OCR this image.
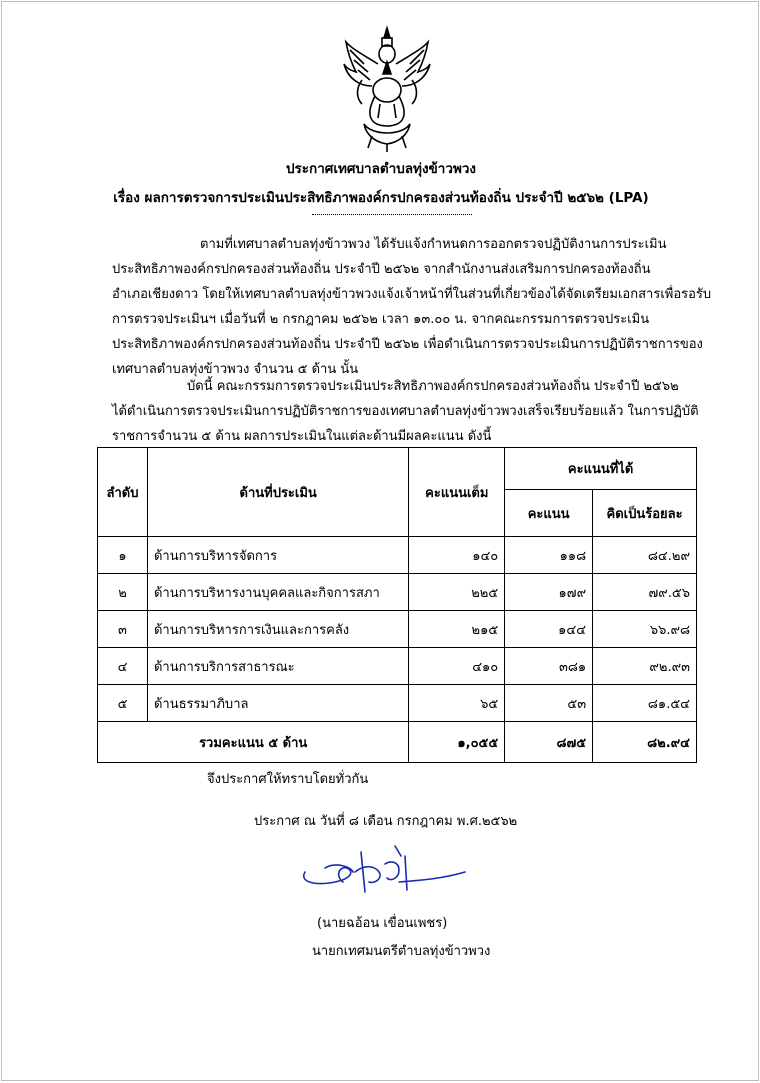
ประกาศเทศบาลตำบลทุ่งข้าวพวง
เรื่อง ผลการตรวจการประเมินประสิทธิภาพองค์กรปกครองส่วนท้องถิ่น ประจำปี ๒๕๖๒ (LPA)
ตามที่เทศบาลตำบลทุ่งข้าวพวง ได้รับแจ้งกำหนดการออกตรวจปฏิบัติงานการประเมิน
ประสิทธิภาพองค์กรปกครองส่วนท้องถิ่น ประจำปี ๒๕๖๒ จากสำนักงานส่งเสริมการปกครองท้องถิ่น
อำเภอเชียงดาว โดยให้เทศบาลตำบลทุ่งข้าวพวงแจ้งเจ้าหน้าที่ในส่วนที่เกี่ยวข้องได้จัดเตรียมเอกสารเพื่อรอรับ
การตรวจประเมินฯ เมื่อวันที่ ๒ กรกฎาคม ๒๕๖๒ เวลา ๑๓.๐๐ น. จากคณะกรรมการตรวจประเมิน
ประสิทธิภาพองค์กรปกครองส่วนท้องถิ่น ประจำปี ๒๕๖๒ เพื่อดำเนินการตรวจประเมินการปฏิบัติราชการของ
เทศบาลตำบลทุ่งข้าวพวง จำนวน ๕ ด้าน นั้น
บัดนี้ คณะกรรมการตรวจประเมินประสิทธิภาพองค์กรปกครองส่วนท้องถิ่น ประจำปี ๒๕๖๒
ได้ดำเนินการตรวจประเมินการปฏิบัติราชการของเทศบาลตำบลทุ่งข้าวพวงเสร็จเรียบร้อยแล้ว ในการปฏิบัติ
ราชการจำนวน ๕ ด้าน ผลการประเมินในแต่ละด้านมีผลคะแนน ดังนี้
ลำดับ	ด้านที่ประเมิน	คะแนนเต็ม	คะแนนที่ได้	
			คะแนน	คิดเป็นร้อยละ
๑	ด้านการบริหารจัดการ	๑๔๐	๑๑๘	๘๔.๒๙
๒	ด้านการบริหารงานบุคคลและกิจการสภา	๒๒๕	๑๗๙	๗๙.๕๖
๓	ด้านการบริหารการเงินและการคลัง	๒๑๕	๑๔๔	๖๖.๙๘
๔	ด้านการบริการสาธารณะ	๔๑๐	๓๘๑	๙๒.๙๓
๕	ด้านธรรมาภิบาล	๖๕	๕๓	๘๑.๕๔
รวมคะแนน ๕ ด้าน		๑,๐๕๕	๘๗๕	๘๒.๙๔
จึงประกาศให้ทราบโดยทั่วกัน
ประกาศ ณ วันที่ ๘ เดือน กรกฎาคม พ.ศ.๒๕๖๒
(นายฉอ้อน เขื่อนเพชร)
นายกเทศมนตรีตำบลทุ่งข้าวพวง
